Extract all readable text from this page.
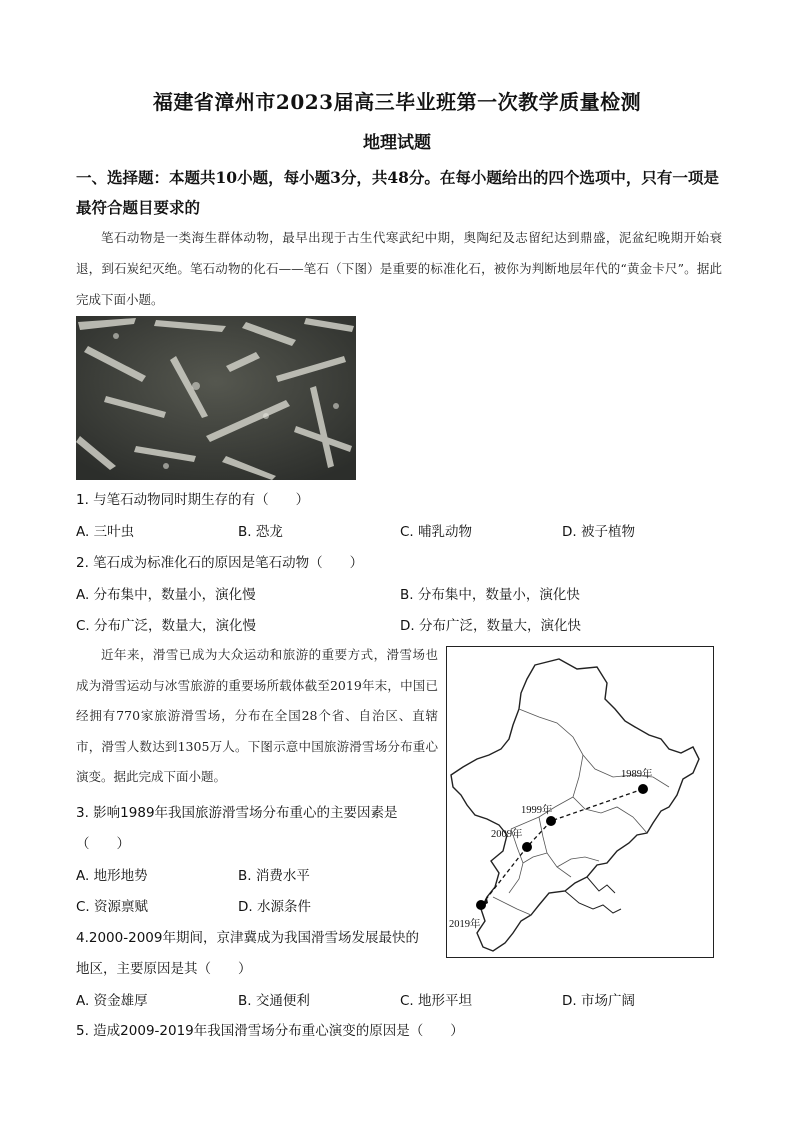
福建省漳州市2023届高三毕业班第一次教学质量检测
地理试题
一、选择题：本题共10小题，每小题3分，共48分。在每小题给出的四个选项中，只有一项是最符合题目要求的
笔石动物是一类海生群体动物，最早出现于古生代寒武纪中期，奥陶纪及志留纪达到鼎盛，泥盆纪晚期开始衰退，到石炭纪灭绝。笔石动物的化石——笔石（下图）是重要的标准化石，被你为判断地层年代的“黄金卡尺”。据此完成下面小题。
1. 与笔石动物同时期生存的有（　　）
A. 三叶虫	B. 恐龙	C. 哺乳动物	D. 被子植物
2. 笔石成为标准化石的原因是笔石动物（　　）
A. 分布集中，数量小，演化慢	B. 分布集中，数量小，演化快
C. 分布广泛，数量大，演化慢	D. 分布广泛，数量大，演化快
近年来，滑雪已成为大众运动和旅游的重要方式，滑雪场也成为滑雪运动与冰雪旅游的重要场所载体截至2019年末，中国已经拥有770家旅游滑雪场，分布在全国28个省、自治区、直辖市，滑雪人数达到1305万人。下图示意中国旅游滑雪场分布重心演变。据此完成下面小题。
3. 影响1989年我国旅游滑雪场分布重心的主要因素是
（　　）
A. 地形地势	B. 消费水平
C. 资源禀赋	D. 水源条件
4.2000-2009年期间，京津冀成为我国滑雪场发展最快的
地区，主要原因是其（　　）
A. 资金雄厚	B. 交通便利	C. 地形平坦	D. 市场广阔
5. 造成2009-2019年我国滑雪场分布重心演变的原因是（　　）
1989年
1999年
2009年
2019年
